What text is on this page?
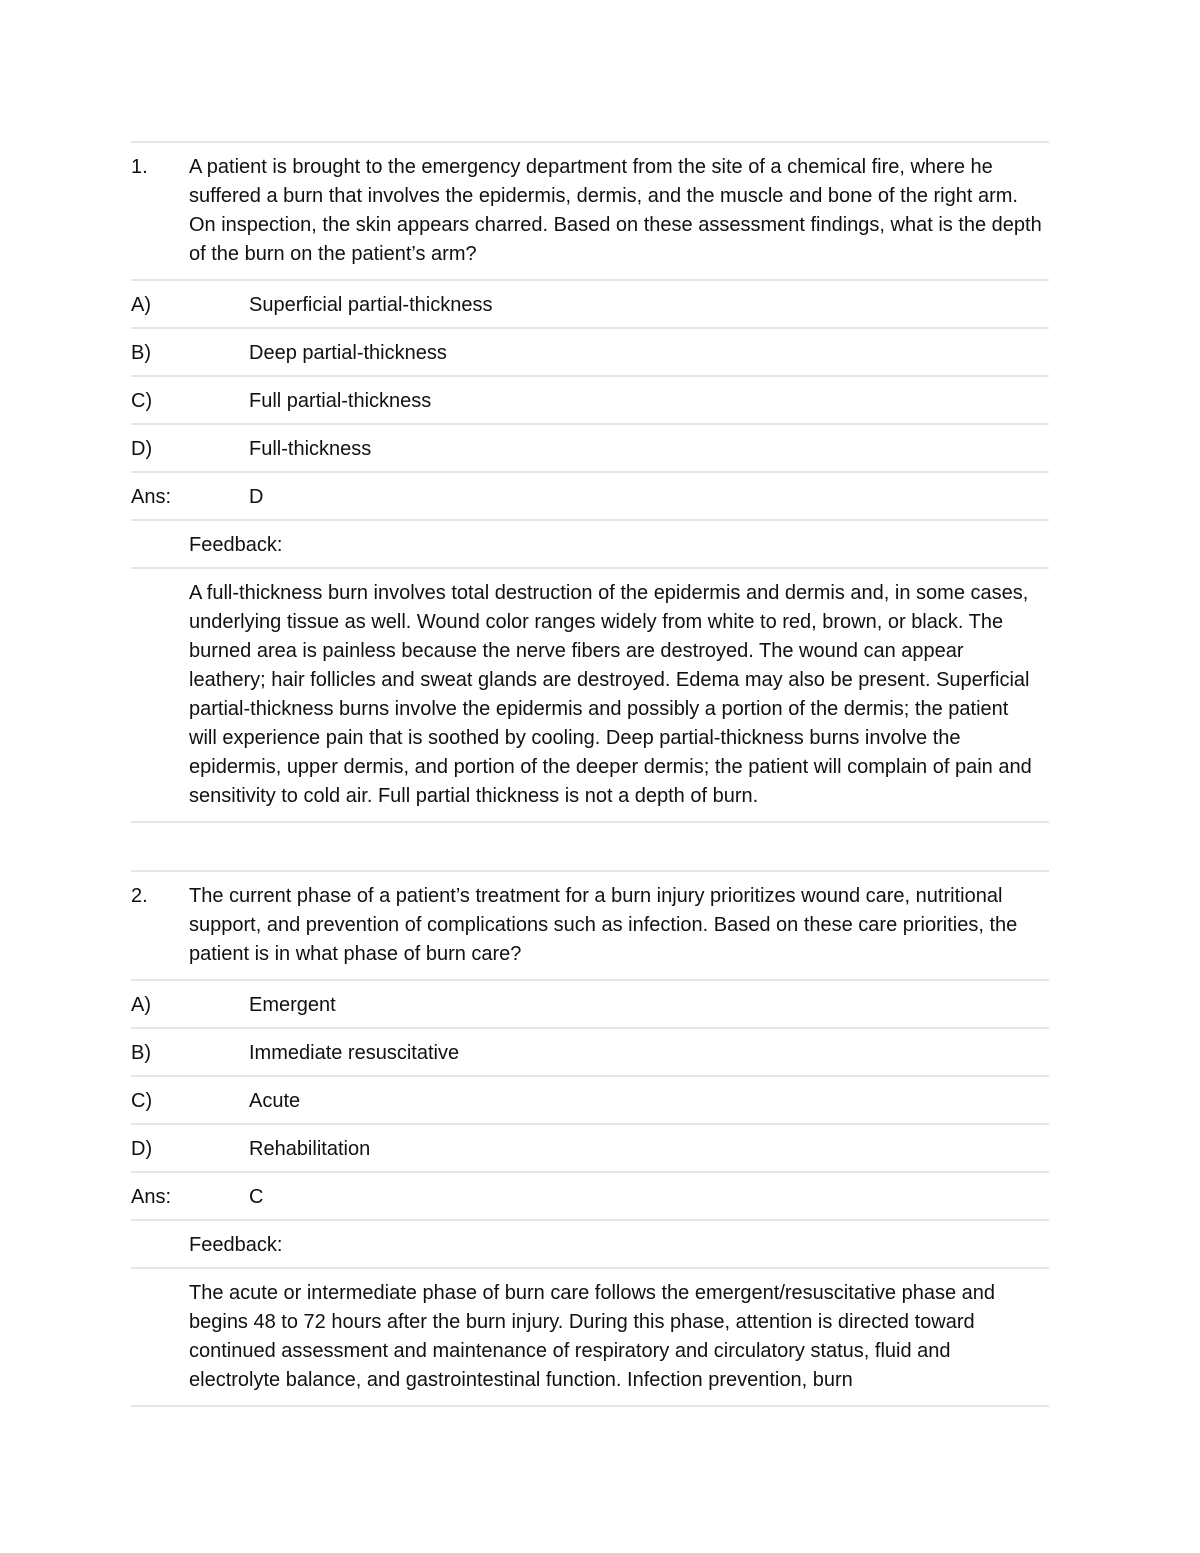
1. A patient is brought to the emergency department from the site of a chemical fire, where he suffered a burn that involves the epidermis, dermis, and the muscle and bone of the right arm. On inspection, the skin appears charred. Based on these assessment findings, what is the depth of the burn on the patient’s arm?
A)	Superficial partial-thickness
B)	Deep partial-thickness
C)	Full partial-thickness
D)	Full-thickness
Ans:	D
Feedback:
A full-thickness burn involves total destruction of the epidermis and dermis and, in some cases, underlying tissue as well. Wound color ranges widely from white to red, brown, or black. The burned area is painless because the nerve fibers are destroyed. The wound can appear leathery; hair follicles and sweat glands are destroyed. Edema may also be present. Superficial partial-thickness burns involve the epidermis and possibly a portion of the dermis; the patient will experience pain that is soothed by cooling. Deep partial-thickness burns involve the epidermis, upper dermis, and portion of the deeper dermis; the patient will complain of pain and sensitivity to cold air. Full partial thickness is not a depth of burn.
2. The current phase of a patient’s treatment for a burn injury prioritizes wound care, nutritional support, and prevention of complications such as infection. Based on these care priorities, the patient is in what phase of burn care?
A)	Emergent
B)	Immediate resuscitative
C)	Acute
D)	Rehabilitation
Ans:	C
Feedback:
The acute or intermediate phase of burn care follows the emergent/resuscitative phase and begins 48 to 72 hours after the burn injury. During this phase, attention is directed toward continued assessment and maintenance of respiratory and circulatory status, fluid and electrolyte balance, and gastrointestinal function. Infection prevention, burn
